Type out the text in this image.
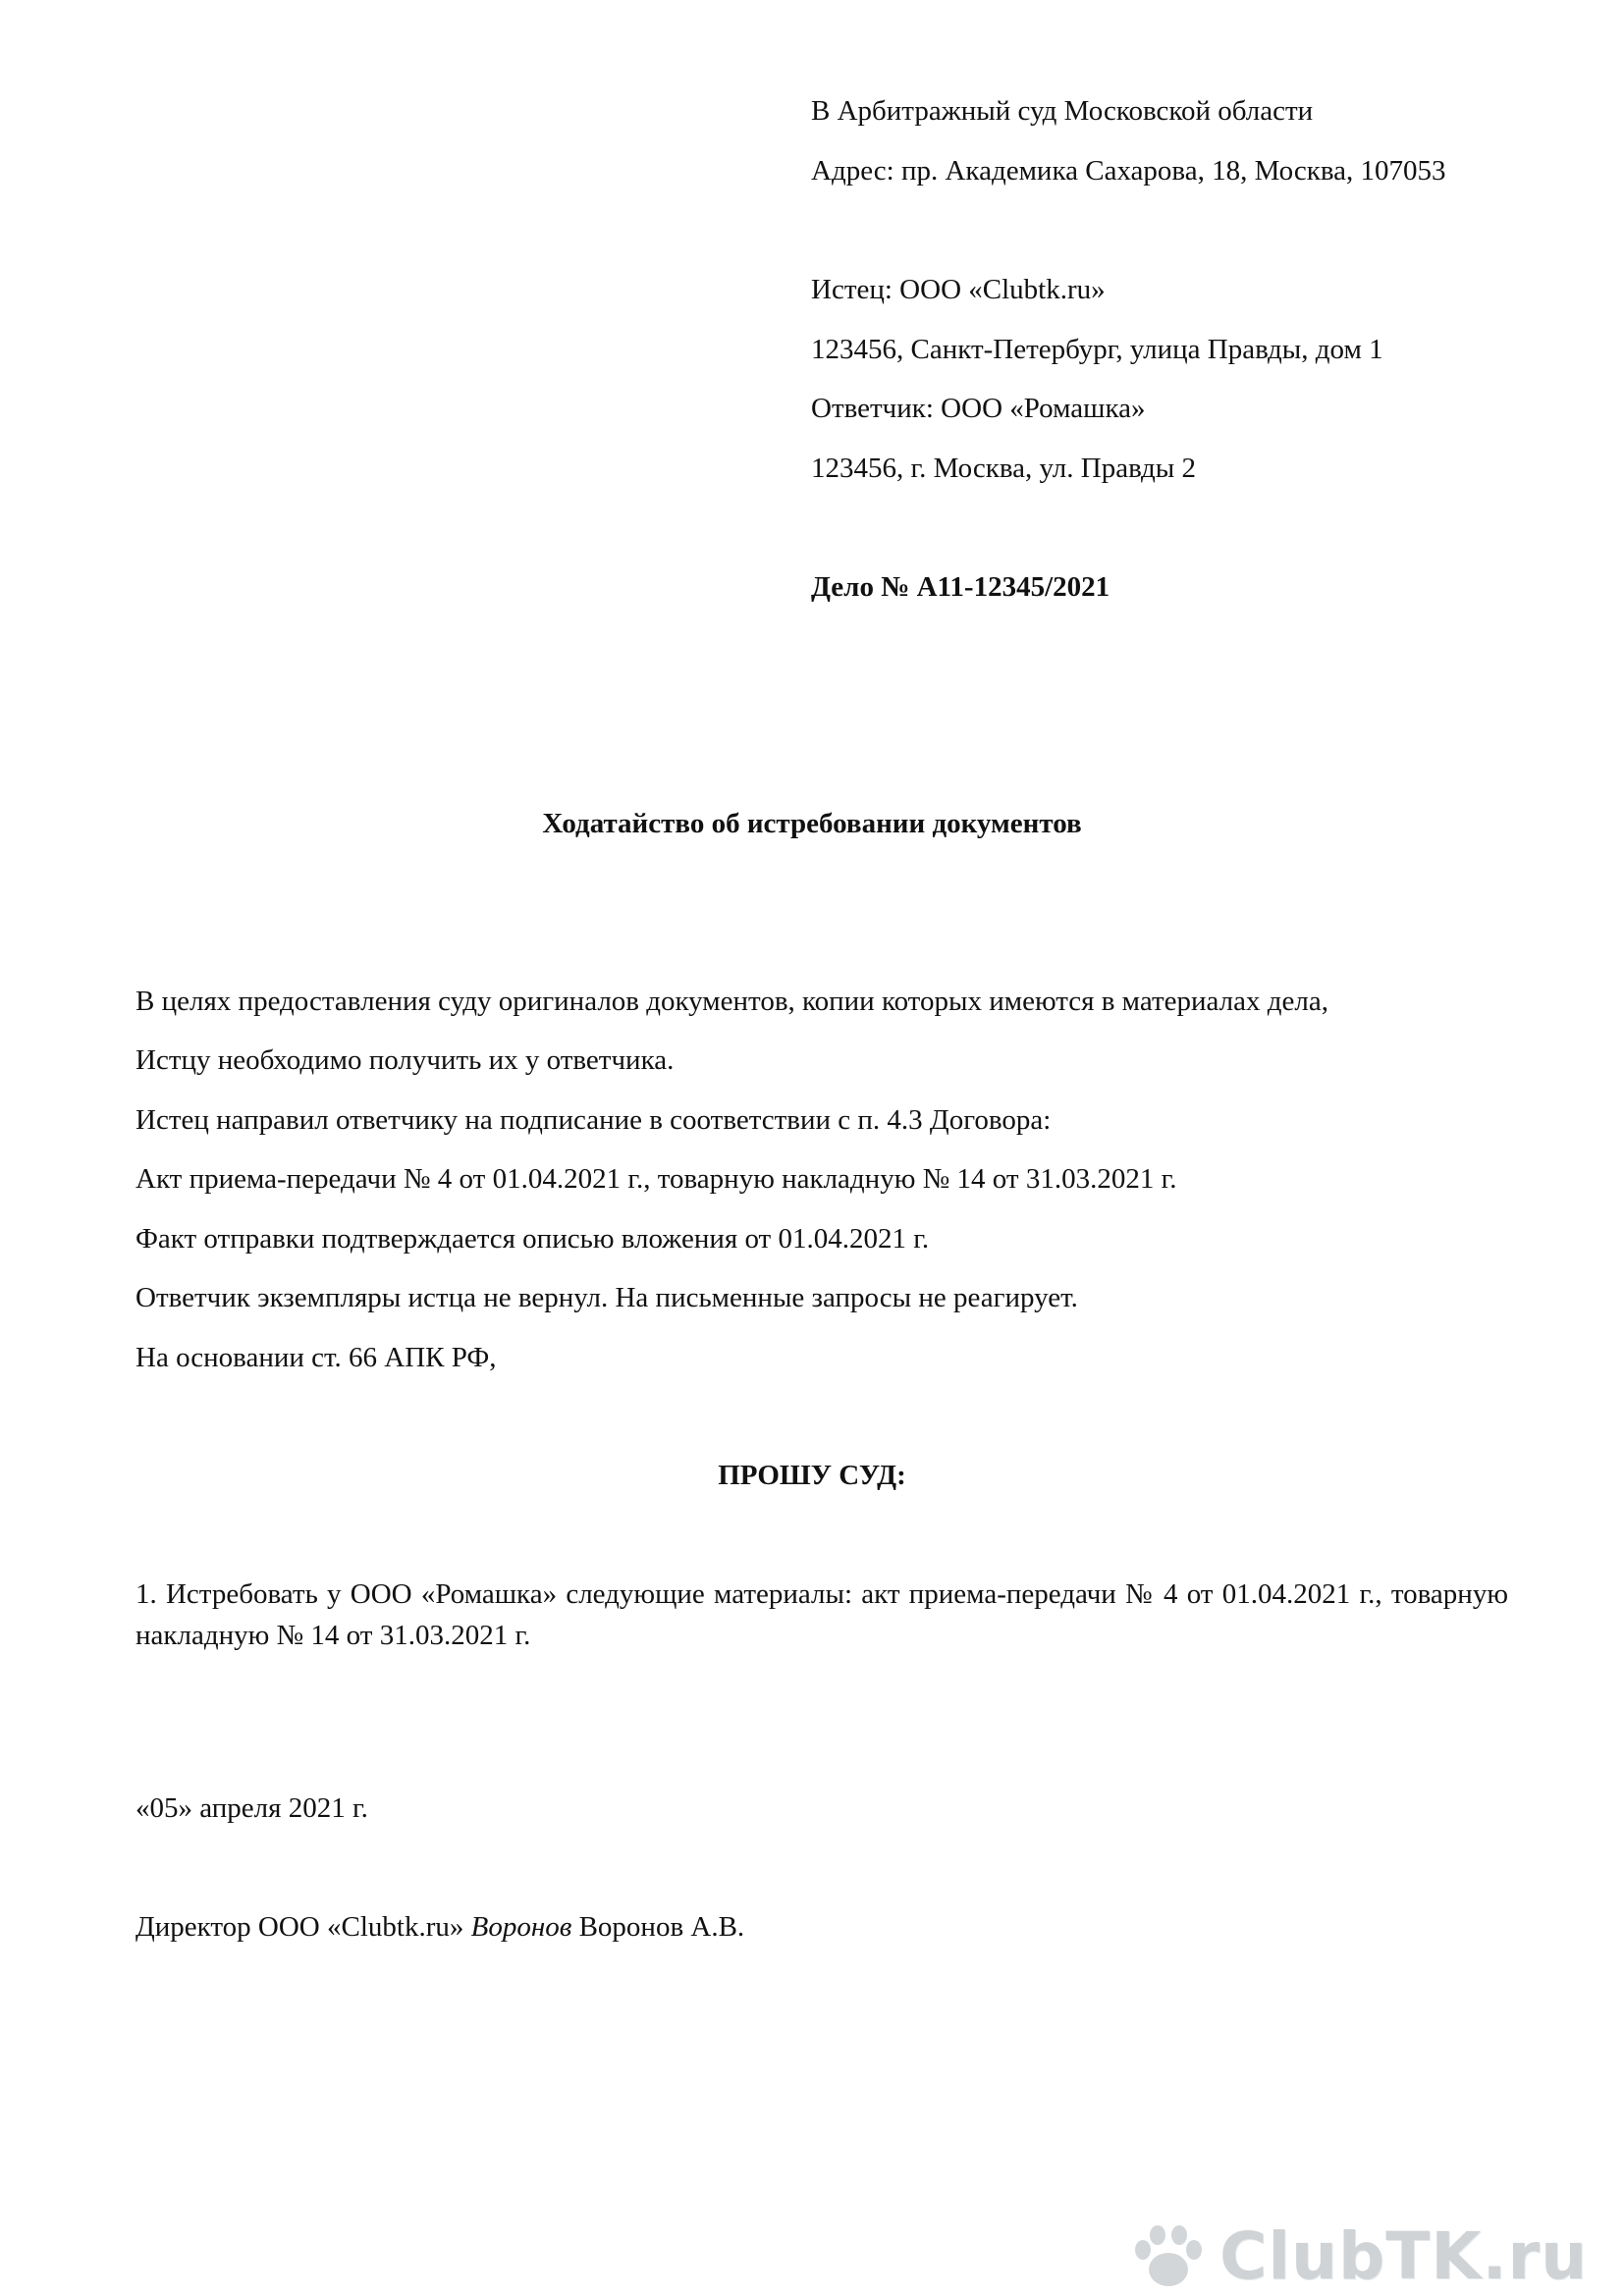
В Арбитражный суд Московской области
Адрес: пр. Академика Сахарова, 18, Москва, 107053
Истец: ООО «Clubtk.ru»
123456, Санкт-Петербург, улица Правды, дом 1
Ответчик: ООО «Ромашка»
123456, г. Москва, ул. Правды 2
Дело № А11-12345/2021
Ходатайство об истребовании документов
В целях предоставления суду оригиналов документов, копии которых имеются в материалах дела,
Истцу необходимо получить их у ответчика.
Истец направил ответчику на подписание в соответствии с п. 4.3 Договора:
Акт приема-передачи № 4 от 01.04.2021 г., товарную накладную № 14 от 31.03.2021 г.
Факт отправки подтверждается описью вложения от 01.04.2021 г.
Ответчик экземпляры истца не вернул. На письменные запросы не реагирует.
На основании ст. 66 АПК РФ,
ПРОШУ СУД:
1. Истребовать у ООО «Ромашка» следующие материалы: акт приема-передачи № 4 от 01.04.2021 г., товарную накладную № 14 от 31.03.2021 г.
«05» апреля 2021 г.
Директор ООО «Clubtk.ru» Воронов Воронов А.В.
ClubTK.ru
